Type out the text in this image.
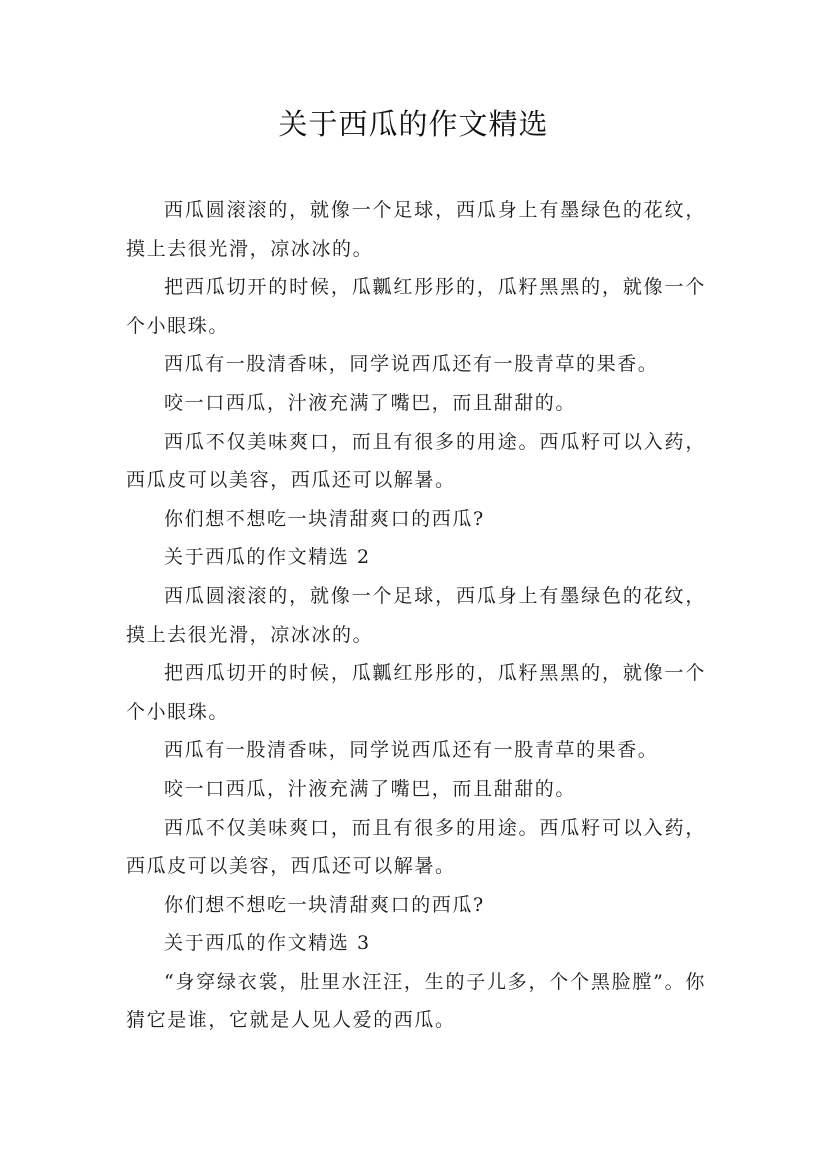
关于西瓜的作文精选

西瓜圆滚滚的，就像一个足球，西瓜身上有墨绿色的花纹，摸上去很光滑，凉冰冰的。

把西瓜切开的时候，瓜瓤红彤彤的，瓜籽黑黑的，就像一个个小眼珠。

西瓜有一股清香味，同学说西瓜还有一股青草的果香。

咬一口西瓜，汁液充满了嘴巴，而且甜甜的。

西瓜不仅美味爽口，而且有很多的用途。西瓜籽可以入药，西瓜皮可以美容，西瓜还可以解暑。

你们想不想吃一块清甜爽口的西瓜?

关于西瓜的作文精选 2

西瓜圆滚滚的，就像一个足球，西瓜身上有墨绿色的花纹，摸上去很光滑，凉冰冰的。

把西瓜切开的时候，瓜瓤红彤彤的，瓜籽黑黑的，就像一个个小眼珠。

西瓜有一股清香味，同学说西瓜还有一股青草的果香。

咬一口西瓜，汁液充满了嘴巴，而且甜甜的。

西瓜不仅美味爽口，而且有很多的用途。西瓜籽可以入药，西瓜皮可以美容，西瓜还可以解暑。

你们想不想吃一块清甜爽口的西瓜?

关于西瓜的作文精选 3

“身穿绿衣裳，肚里水汪汪，生的子儿多，个个黑脸膛”。你猜它是谁，它就是人见人爱的西瓜。
